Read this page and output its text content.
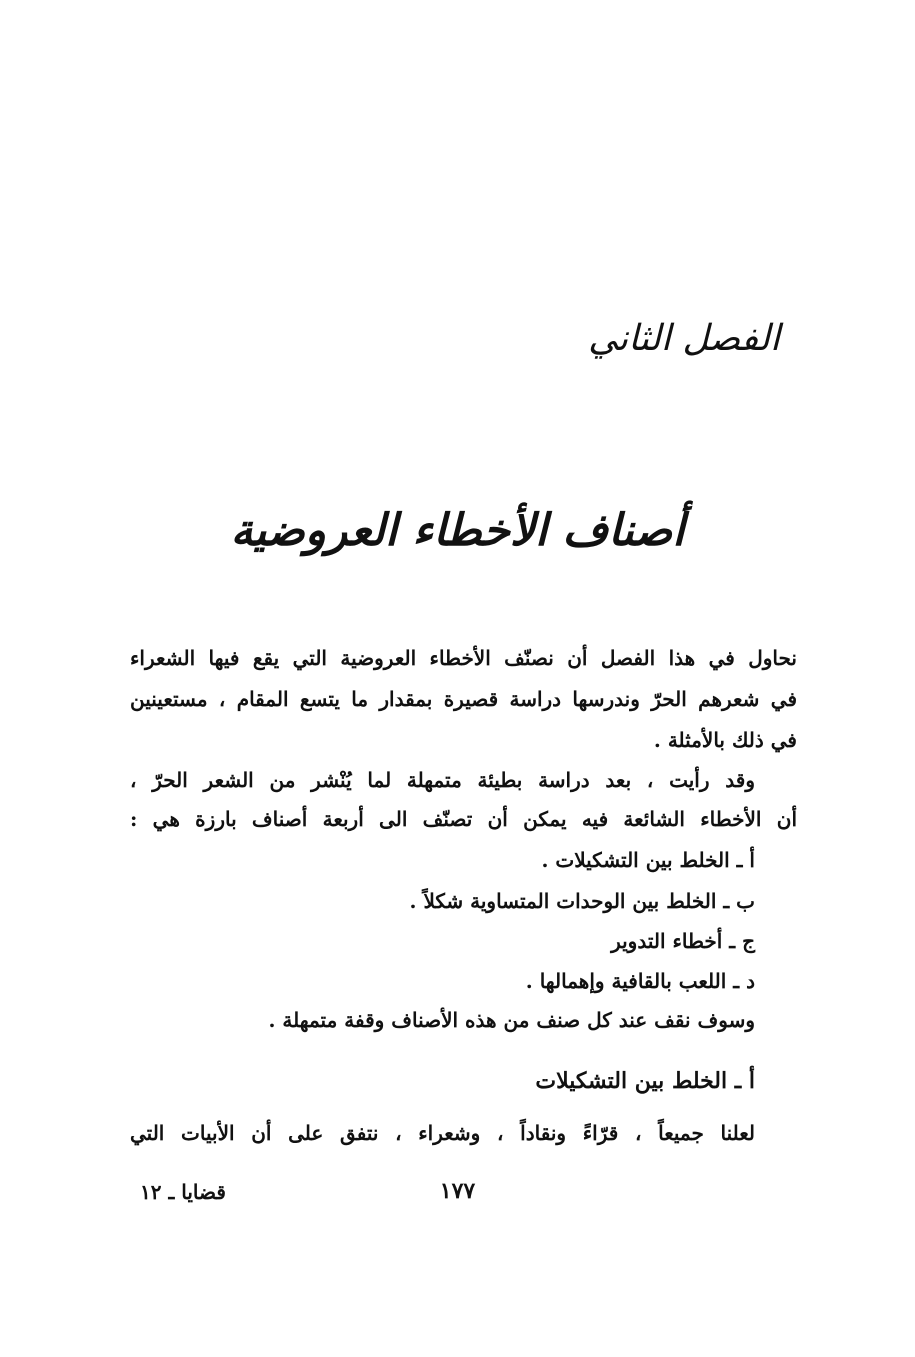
الفصل الثاني
أصناف الأخطاء العروضية
نحاول في هذا الفصل أن نصنّف الأخطاء العروضية التي يقع فيها الشعراء
في شعرهم الحرّ وندرسها دراسة قصيرة بمقدار ما يتسع المقام ، مستعينين
في ذلك بالأمثلة .
وقد رأيت ، بعد دراسة بطيئة متمهلة لما يُنْشر من الشعر الحرّ ،
أن الأخطاء الشائعة فيه يمكن أن تصنّف الى أربعة أصناف بارزة هي :
أ ـ الخلط بين التشكيلات .
ب ـ الخلط بين الوحدات المتساوية شكلاً .
ج ـ أخطاء التدوير
د ـ اللعب بالقافية وإهمالها .
وسوف نقف عند كل صنف من هذه الأصناف وقفة متمهلة .
أ ـ الخلط بين التشكيلات
لعلنا جميعاً ، قرّاءً ونقاداً ، وشعراء ، نتفق على أن الأبيات التي
١٧٧
قضايا ـ ١٢
